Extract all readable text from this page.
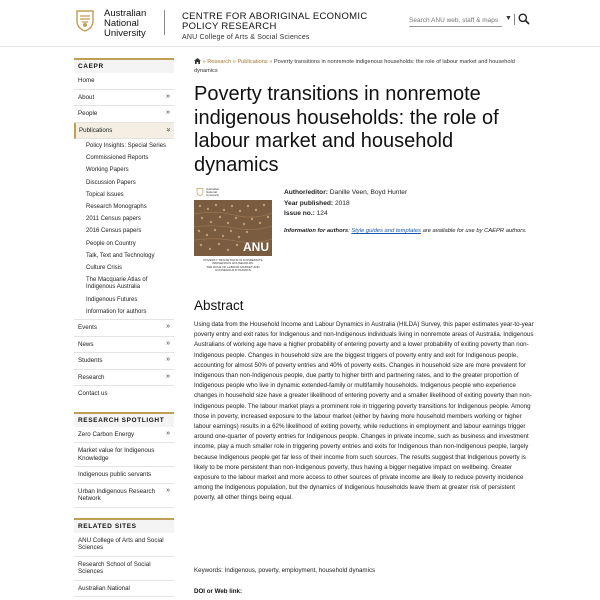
Australian
National
University
CENTRE FOR ABORIGINAL ECONOMIC
POLICY RESEARCH
ANU College of Arts & Social Sciences
Search ANU web, staff & maps
▼
CAEPR
Home
About	»
People	»
Publications	»
Policy Insights: Special Series
Commissioned Reports
Working Papers
Discussion Papers
Topical Issues
Research Monographs
2011 Census papers
2016 Census papers
People on Country
Talk, Text and Technology
Culture Crisis
The Macquarie Atlas of Indigenous Australia
Indigenous Futures
Information for authors
Events	»
News	»
Students	»
Research	»
Contact us
RESEARCH SPOTLIGHT
Zero Carbon Energy	»
Market value for Indigenous Knowledge
Indigenous public servants
Urban Indigenous Research Network
»
RELATED SITES
ANU College of Arts and Social Sciences
Research School of Social Sciences
Australian National
» Research » Publications » Poverty transitions in nonremote indigenous households: the role of labour market and household dynamics
Poverty transitions in nonremote indigenous households: the role of labour market and household dynamics
Australian
National
University
ANU
POVERTY TRANSITIONS IN NONREMOTE
INDIGENOUS HOUSEHOLDS:
THE ROLE OF LABOUR MARKET AND
HOUSEHOLD DYNAMICS
Author/editor: Danille Veen, Boyd Hunter
Year published: 2018
Issue no.: 124
Information for authors: Style guides and templates are available for use by CAEPR authors.
Abstract

Using data from the Household Income and Labour Dynamics in Australia (HILDA) Survey, this paper estimates year-to-year poverty entry and exit rates for Indigenous and non-Indigenous individuals living in nonremote areas of Australia. Indigenous Australians of working age have a higher probability of entering poverty and a lower probability of exiting poverty than non-Indigenous people. Changes in household size are the biggest triggers of poverty entry and exit for Indigenous people, accounting for almost 50% of poverty entries and 40% of poverty exits. Changes in household size are more prevalent for Indigenous than non-Indigenous people, due partly to higher birth and partnering rates, and to the greater proportion of Indigenous people who live in dynamic extended-family or multifamily households. Indigenous people who experience changes in household size have a greater likelihood of entering poverty and a smaller likelihood of exiting poverty than non-Indigenous people. The labour market plays a prominent role in triggering poverty transitions for Indigenous people. Among those in poverty, increased exposure to the labour market (either by having more household members working or higher labour earnings) results in a 62% likelihood of exiting poverty, while reductions in employment and labour earnings trigger around one-quarter of poverty entries for Indigenous people. Changes in private income, such as business and investment income, play a much smaller role in triggering poverty entries and exits for Indigenous than non-Indigenous people, largely because Indigenous people get far less of their income from such sources. The results suggest that Indigenous poverty is likely to be more persistent than non-Indigenous poverty, thus having a bigger negative impact on wellbeing. Greater exposure to the labour market and more access to other sources of private income are likely to reduce poverty incidence among the Indigenous population, but the dynamics of Indigenous households leave them at greater risk of persistent poverty, all other things being equal.

Keywords: Indigenous, poverty, employment, household dynamics
DOI or Web link:
